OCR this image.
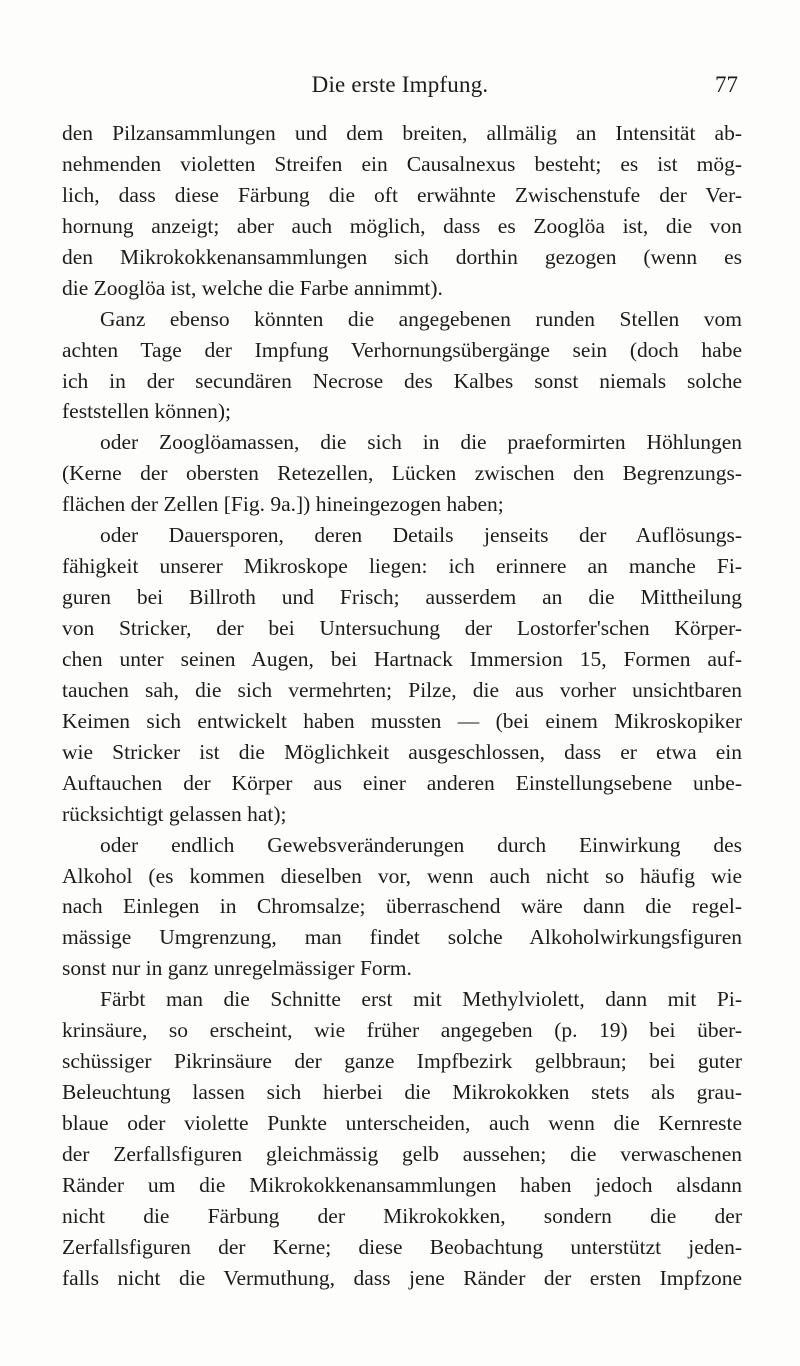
Die erste Impfung.	77
den Pilzansammlungen und dem breiten, allmälig an Intensität ab-
nehmenden violetten Streifen ein Causalnexus besteht; es ist mög-
lich, dass diese Färbung die oft erwähnte Zwischenstufe der Ver-
hornung anzeigt; aber auch möglich, dass es Zooglöa ist, die von
den Mikrokokkenansammlungen sich dorthin gezogen (wenn es
die Zooglöa ist, welche die Farbe annimmt).
Ganz ebenso könnten die angegebenen runden Stellen vom
achten Tage der Impfung Verhornungsübergänge sein (doch habe
ich in der secundären Necrose des Kalbes sonst niemals solche
feststellen können);
oder Zooglöamassen, die sich in die praeformirten Höhlungen
(Kerne der obersten Retezellen, Lücken zwischen den Begrenzungs-
flächen der Zellen [Fig. 9a.]) hineingezogen haben;
oder Dauersporen, deren Details jenseits der Auflösungs-
fähigkeit unserer Mikroskope liegen: ich erinnere an manche Fi-
guren bei Billroth und Frisch; ausserdem an die Mittheilung
von Stricker, der bei Untersuchung der Lostorfer'schen Körper-
chen unter seinen Augen, bei Hartnack Immersion 15, Formen auf-
tauchen sah, die sich vermehrten; Pilze, die aus vorher unsichtbaren
Keimen sich entwickelt haben mussten — (bei einem Mikroskopiker
wie Stricker ist die Möglichkeit ausgeschlossen, dass er etwa ein
Auftauchen der Körper aus einer anderen Einstellungsebene unbe-
rücksichtigt gelassen hat);
oder endlich Gewebsveränderungen durch Einwirkung des
Alkohol (es kommen dieselben vor, wenn auch nicht so häufig wie
nach Einlegen in Chromsalze; überraschend wäre dann die regel-
mässige Umgrenzung, man findet solche Alkoholwirkungsfiguren
sonst nur in ganz unregelmässiger Form.
Färbt man die Schnitte erst mit Methylviolett, dann mit Pi-
krinsäure, so erscheint, wie früher angegeben (p. 19) bei über-
schüssiger Pikrinsäure der ganze Impfbezirk gelbbraun; bei guter
Beleuchtung lassen sich hierbei die Mikrokokken stets als grau-
blaue oder violette Punkte unterscheiden, auch wenn die Kernreste
der Zerfallsfiguren gleichmässig gelb aussehen; die verwaschenen
Ränder um die Mikrokokkenansammlungen haben jedoch alsdann
nicht die Färbung der Mikrokokken, sondern die der
Zerfallsfiguren der Kerne; diese Beobachtung unterstützt jeden-
falls nicht die Vermuthung, dass jene Ränder der ersten Impfzone
